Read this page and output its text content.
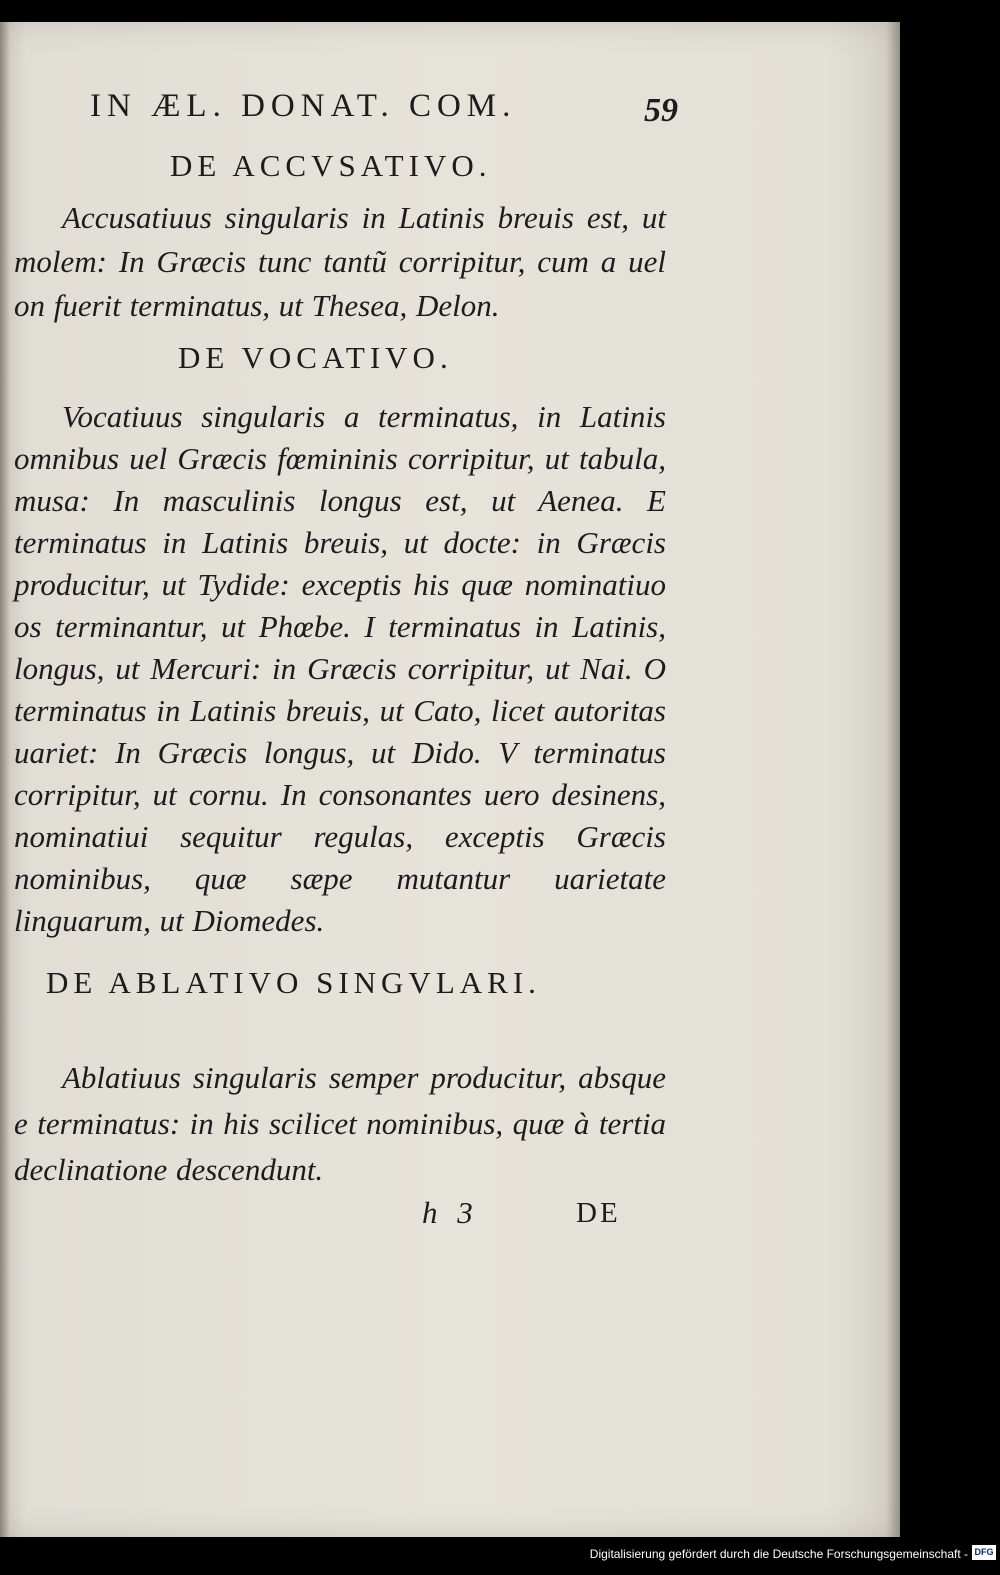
IN ÆL. DONAT. COM.	59
DE ACCVSATIVO.
Accusatiuus singularis in Latinis breuis est, ut molem: In Græcis tunc tantũ corripitur, cum a uel on fuerit terminatus, ut Thesea, Delon.
DE VOCATIVO.
Vocatiuus singularis a terminatus, in Latinis omnibus uel Græcis fœmininis corripitur, ut tabula, musa: In masculinis longus est, ut Aenea. E terminatus in Latinis breuis, ut docte: in Græcis producitur, ut Tydide: exceptis his quæ nominatiuo os terminantur, ut Phœbe. I terminatus in Latinis, longus, ut Mercuri: in Græcis corripitur, ut Nai. O terminatus in Latinis breuis, ut Cato, licet autoritas uariet: In Græcis longus, ut Dido. V terminatus corripitur, ut cornu. In consonantes uero desinens, nominatiui sequitur regulas, exceptis Græcis nominibus, quæ sæpe mutantur uarietate linguarum, ut Diomedes.
DE ABLATIVO SINGVLARI.
Ablatiuus singularis semper producitur, absque e terminatus: in his scilicet nominibus, quæ à tertia declinatione descendunt.
h 3	DE
Digitalisierung gefördert durch die Deutsche Forschungsgemeinschaft - DFG
